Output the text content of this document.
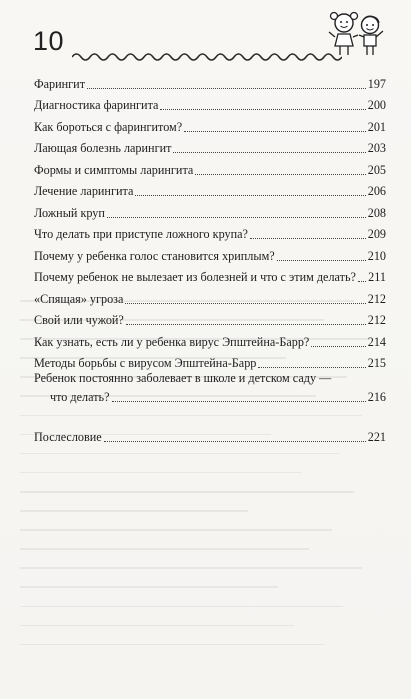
10
Фарингит	197
Диагностика фарингита	200
Как бороться с фарингитом?	201
Лающая болезнь ларингит	203
Формы и симптомы ларингита	205
Лечение ларингита	206
Ложный круп	208
Что делать при приступе ложного крупа?	209
Почему у ребенка голос становится хриплым?	210
Почему ребенок не вылезает из болезней и что с этим делать? 211
«Спящая» угроза	212
Свой или чужой?	212
Как узнать, есть ли у ребенка вирус Эпштейна-Барр?	214
Методы борьбы с вирусом Эпштейна-Барр	215
Ребенок постоянно заболевает в школе и детском саду —
что делать?	216
Послесловие	221
